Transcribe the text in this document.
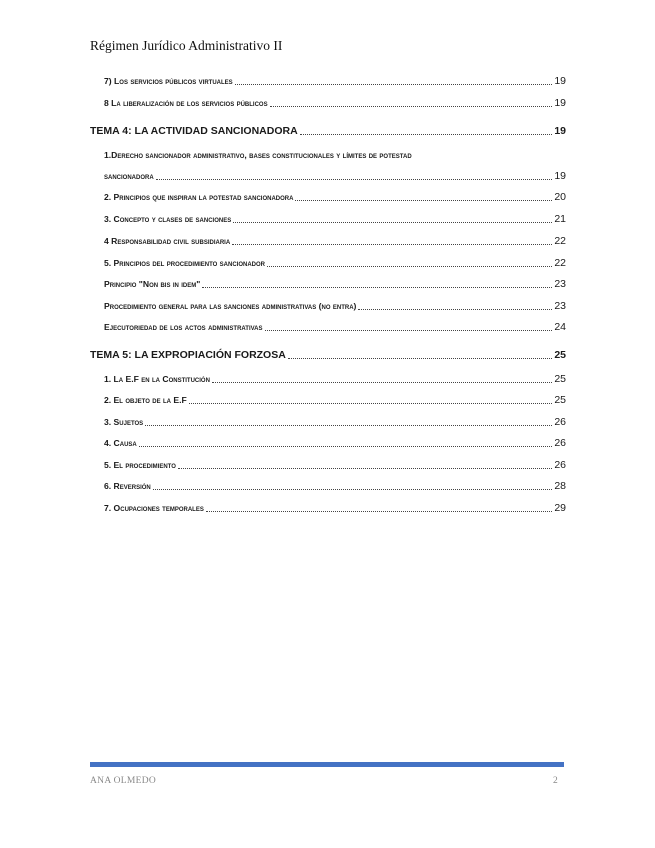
Régimen Jurídico Administrativo II
7) Los servicios públicos virtuales	19
8 La liberalización de los servicios públicos	19
TEMA 4: LA ACTIVIDAD SANCIONADORA	19
1.Derecho sancionador administrativo, bases constitucionales y límites de potestad
sancionadora	19
2. Principios que inspiran la potestad sancionadora	20
3. Concepto y clases de sanciones	21
4 Responsabilidad civil subsidiaria	22
5. Principios del procedimiento sancionador	22
Principio "Non bis in idem"	23
Procedimiento general para las sanciones administrativas (no entra)	23
Ejecutoriedad de los actos administrativas	24
TEMA 5: LA EXPROPIACIÓN FORZOSA	25
1. La E.F en la Constitución	25
2. El objeto de la E.F	25
3. Sujetos	26
4. Causa	26
5. El procedimiento	26
6. Reversión	28
7. Ocupaciones temporales	29
ANA OLMEDO	2
